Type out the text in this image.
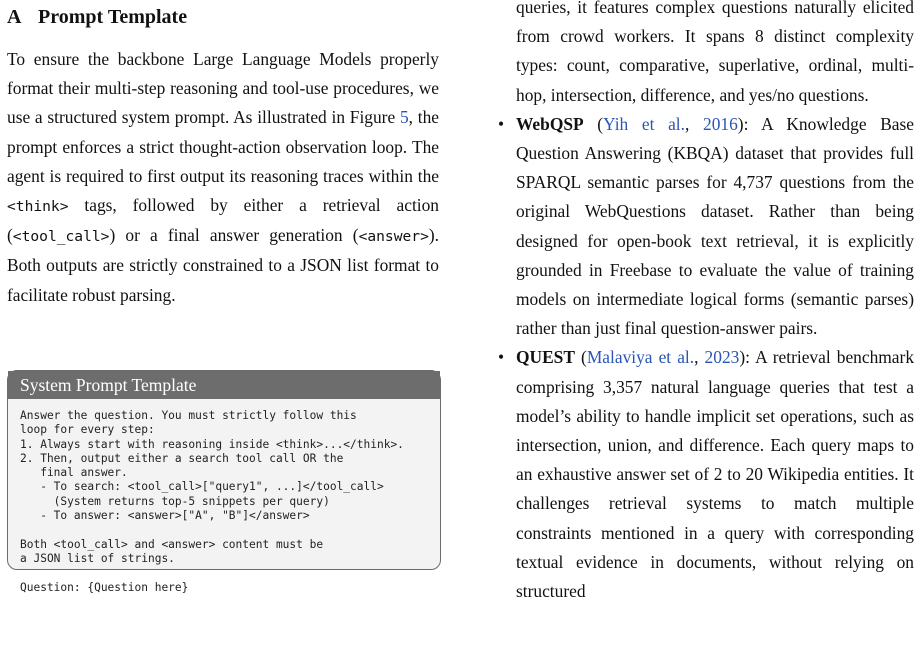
A Prompt Template

To ensure the backbone Large Language Models properly format their multi-step reasoning and tool-use procedures, we use a structured system prompt. As illustrated in Figure 5, the prompt enforces a strict thought-action observation loop. The agent is required to first output its reasoning traces within the <think> tags, followed by either a retrieval action (<tool_call>) or a final answer generation (<answer>). Both outputs are strictly constrained to a JSON list format to facilitate robust parsing.

System Prompt Template
Answer the question. You must strictly follow this
loop for every step:
1. Always start with reasoning inside <think>...</think>.
2. Then, output either a search tool call OR the
final answer.
- To search: <tool_call>["query1", ...]</tool_call>
(System returns top-5 snippets per query)
- To answer: <answer>["A", "B"]</answer>

Both <tool_call> and <answer> content must be
a JSON list of strings.

Question: {Question here}

queries, it features complex questions naturally elicited from crowd workers. It spans 8 distinct complexity types: count, comparative, superlative, ordinal, multi-hop, intersection, difference, and yes/no questions.

• WebQSP (Yih et al., 2016): A Knowledge Base Question Answering (KBQA) dataset that provides full SPARQL semantic parses for 4,737 questions from the original WebQuestions dataset. Rather than being designed for open-book text retrieval, it is explicitly grounded in Freebase to evaluate the value of training models on intermediate logical forms (semantic parses) rather than just final question-answer pairs.

• QUEST (Malaviya et al., 2023): A retrieval benchmark comprising 3,357 natural language queries that test a model’s ability to handle implicit set operations, such as intersection, union, and difference. Each query maps to an exhaustive answer set of 2 to 20 Wikipedia entities. It challenges retrieval systems to match multiple constraints mentioned in a query with corresponding textual evidence in documents, without relying on structured
